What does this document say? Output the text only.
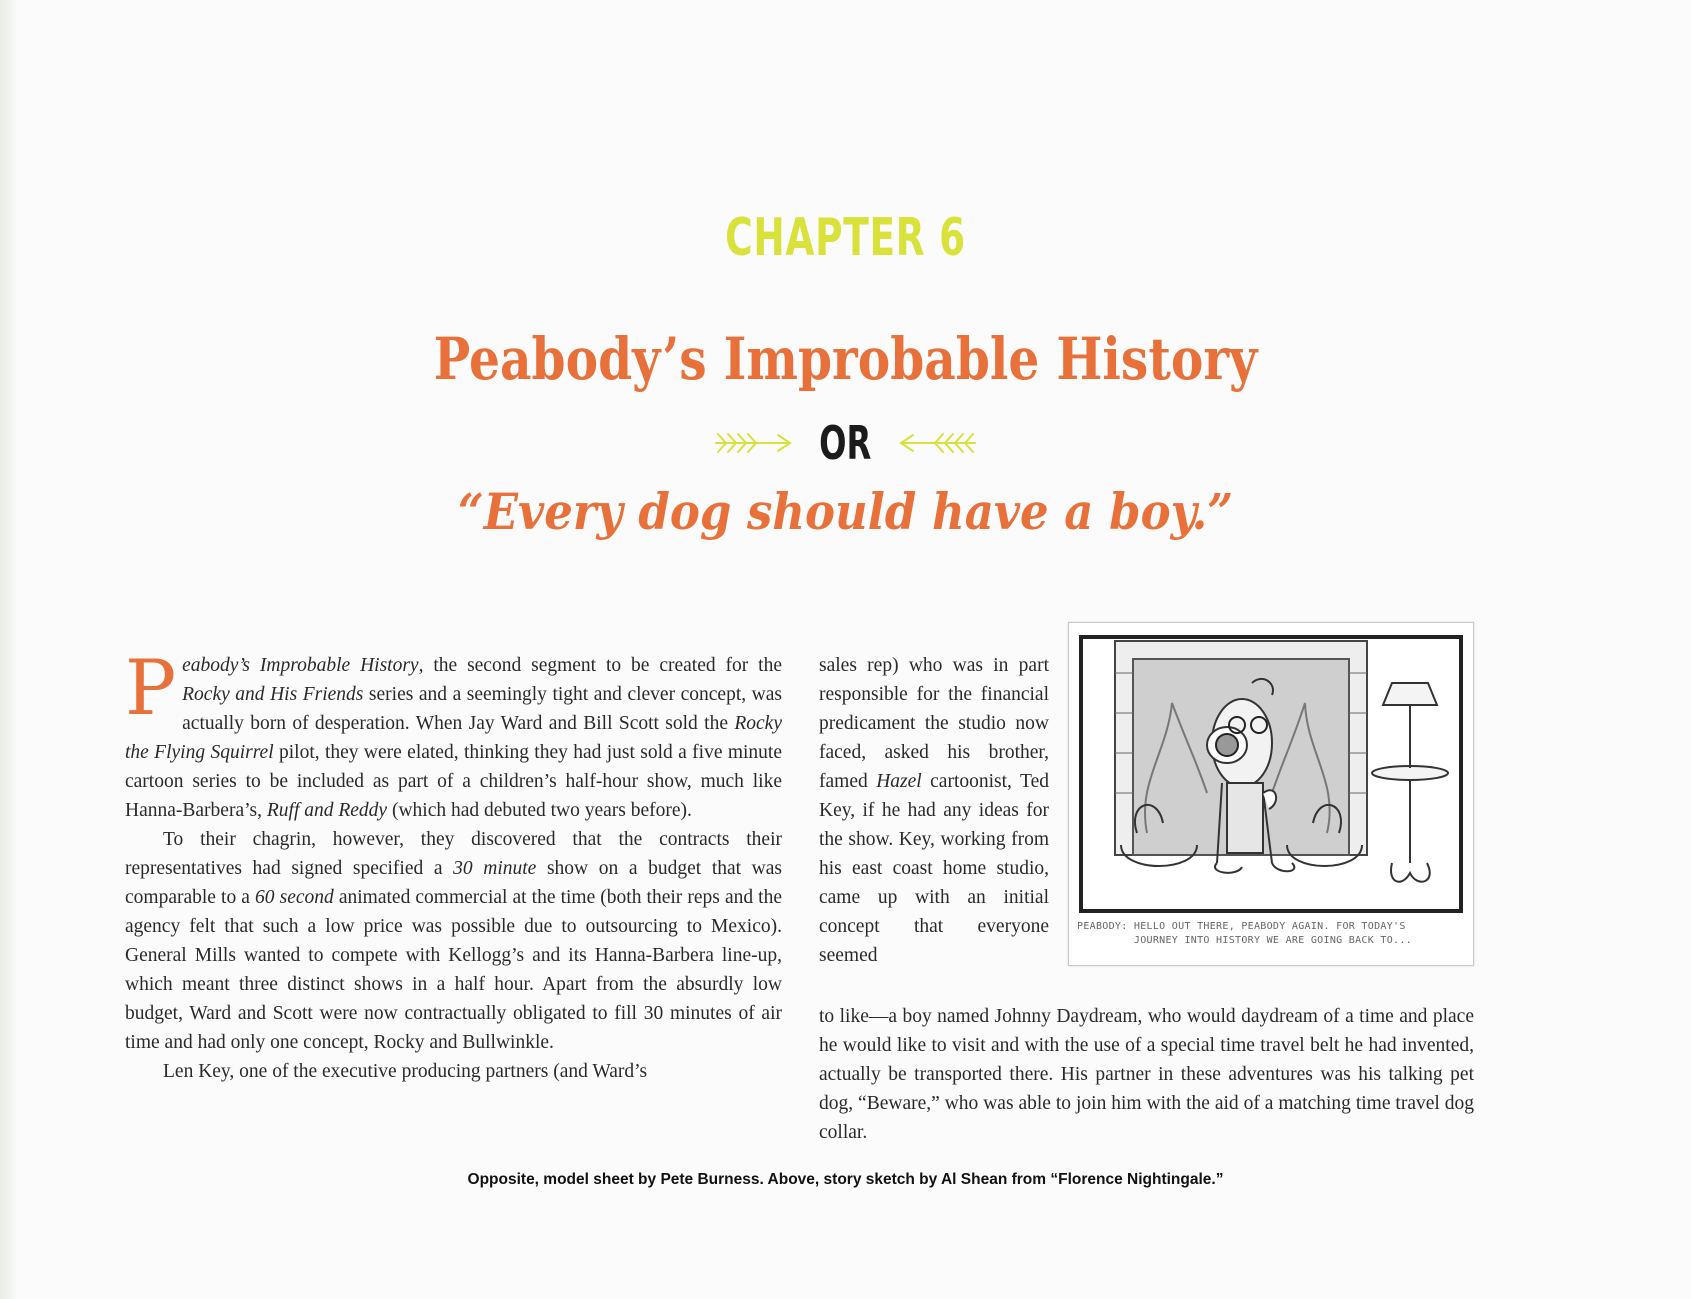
CHAPTER 6
Peabody’s Improbable History
OR
“Every dog should have a boy.”

P eabody’s Improbable History, the second segment to be created for the Rocky and His Friends series and a seemingly tight and clever concept, was actually born of desperation. When Jay Ward and Bill Scott sold the Rocky the Flying Squirrel pilot, they were elated, thinking they had just sold a five minute cartoon series to be included as part of a children’s half-hour show, much like Hanna-Barbera’s, Ruff and Reddy (which had debuted two years before).

To their chagrin, however, they discovered that the contracts their representatives had signed specified a 30 minute show on a budget that was comparable to a 60 second animated commercial at the time (both their reps and the agency felt that such a low price was possible due to outsourcing to Mexico). General Mills wanted to compete with Kellogg’s and its Hanna-Barbera line-up, which meant three distinct shows in a half hour. Apart from the absurdly low budget, Ward and Scott were now contractually obligated to fill 30 minutes of air time and had only one concept, Rocky and Bullwinkle.

Len Key, one of the executive producing partners (and Ward’s

sales rep) who was in part responsible for the financial predicament the studio now faced, asked his brother, famed Hazel cartoonist, Ted Key, if he had any ideas for the show. Key, working from his east coast home studio, came up with an initial concept that everyone seemed

to like—a boy named Johnny Daydream, who would daydream of a time and place he would like to visit and with the use of a special time travel belt he had invented, actually be transported there. His partner in these adventures was his talking pet dog, “Beware,” who was able to join him with the aid of a matching time travel dog collar.

PEABODY: HELLO OUT THERE, PEABODY AGAIN. FOR TODAY'S
JOURNEY INTO HISTORY WE ARE GOING BACK TO...
Opposite, model sheet by Pete Burness. Above, story sketch by Al Shean from “Florence Nightingale.”
